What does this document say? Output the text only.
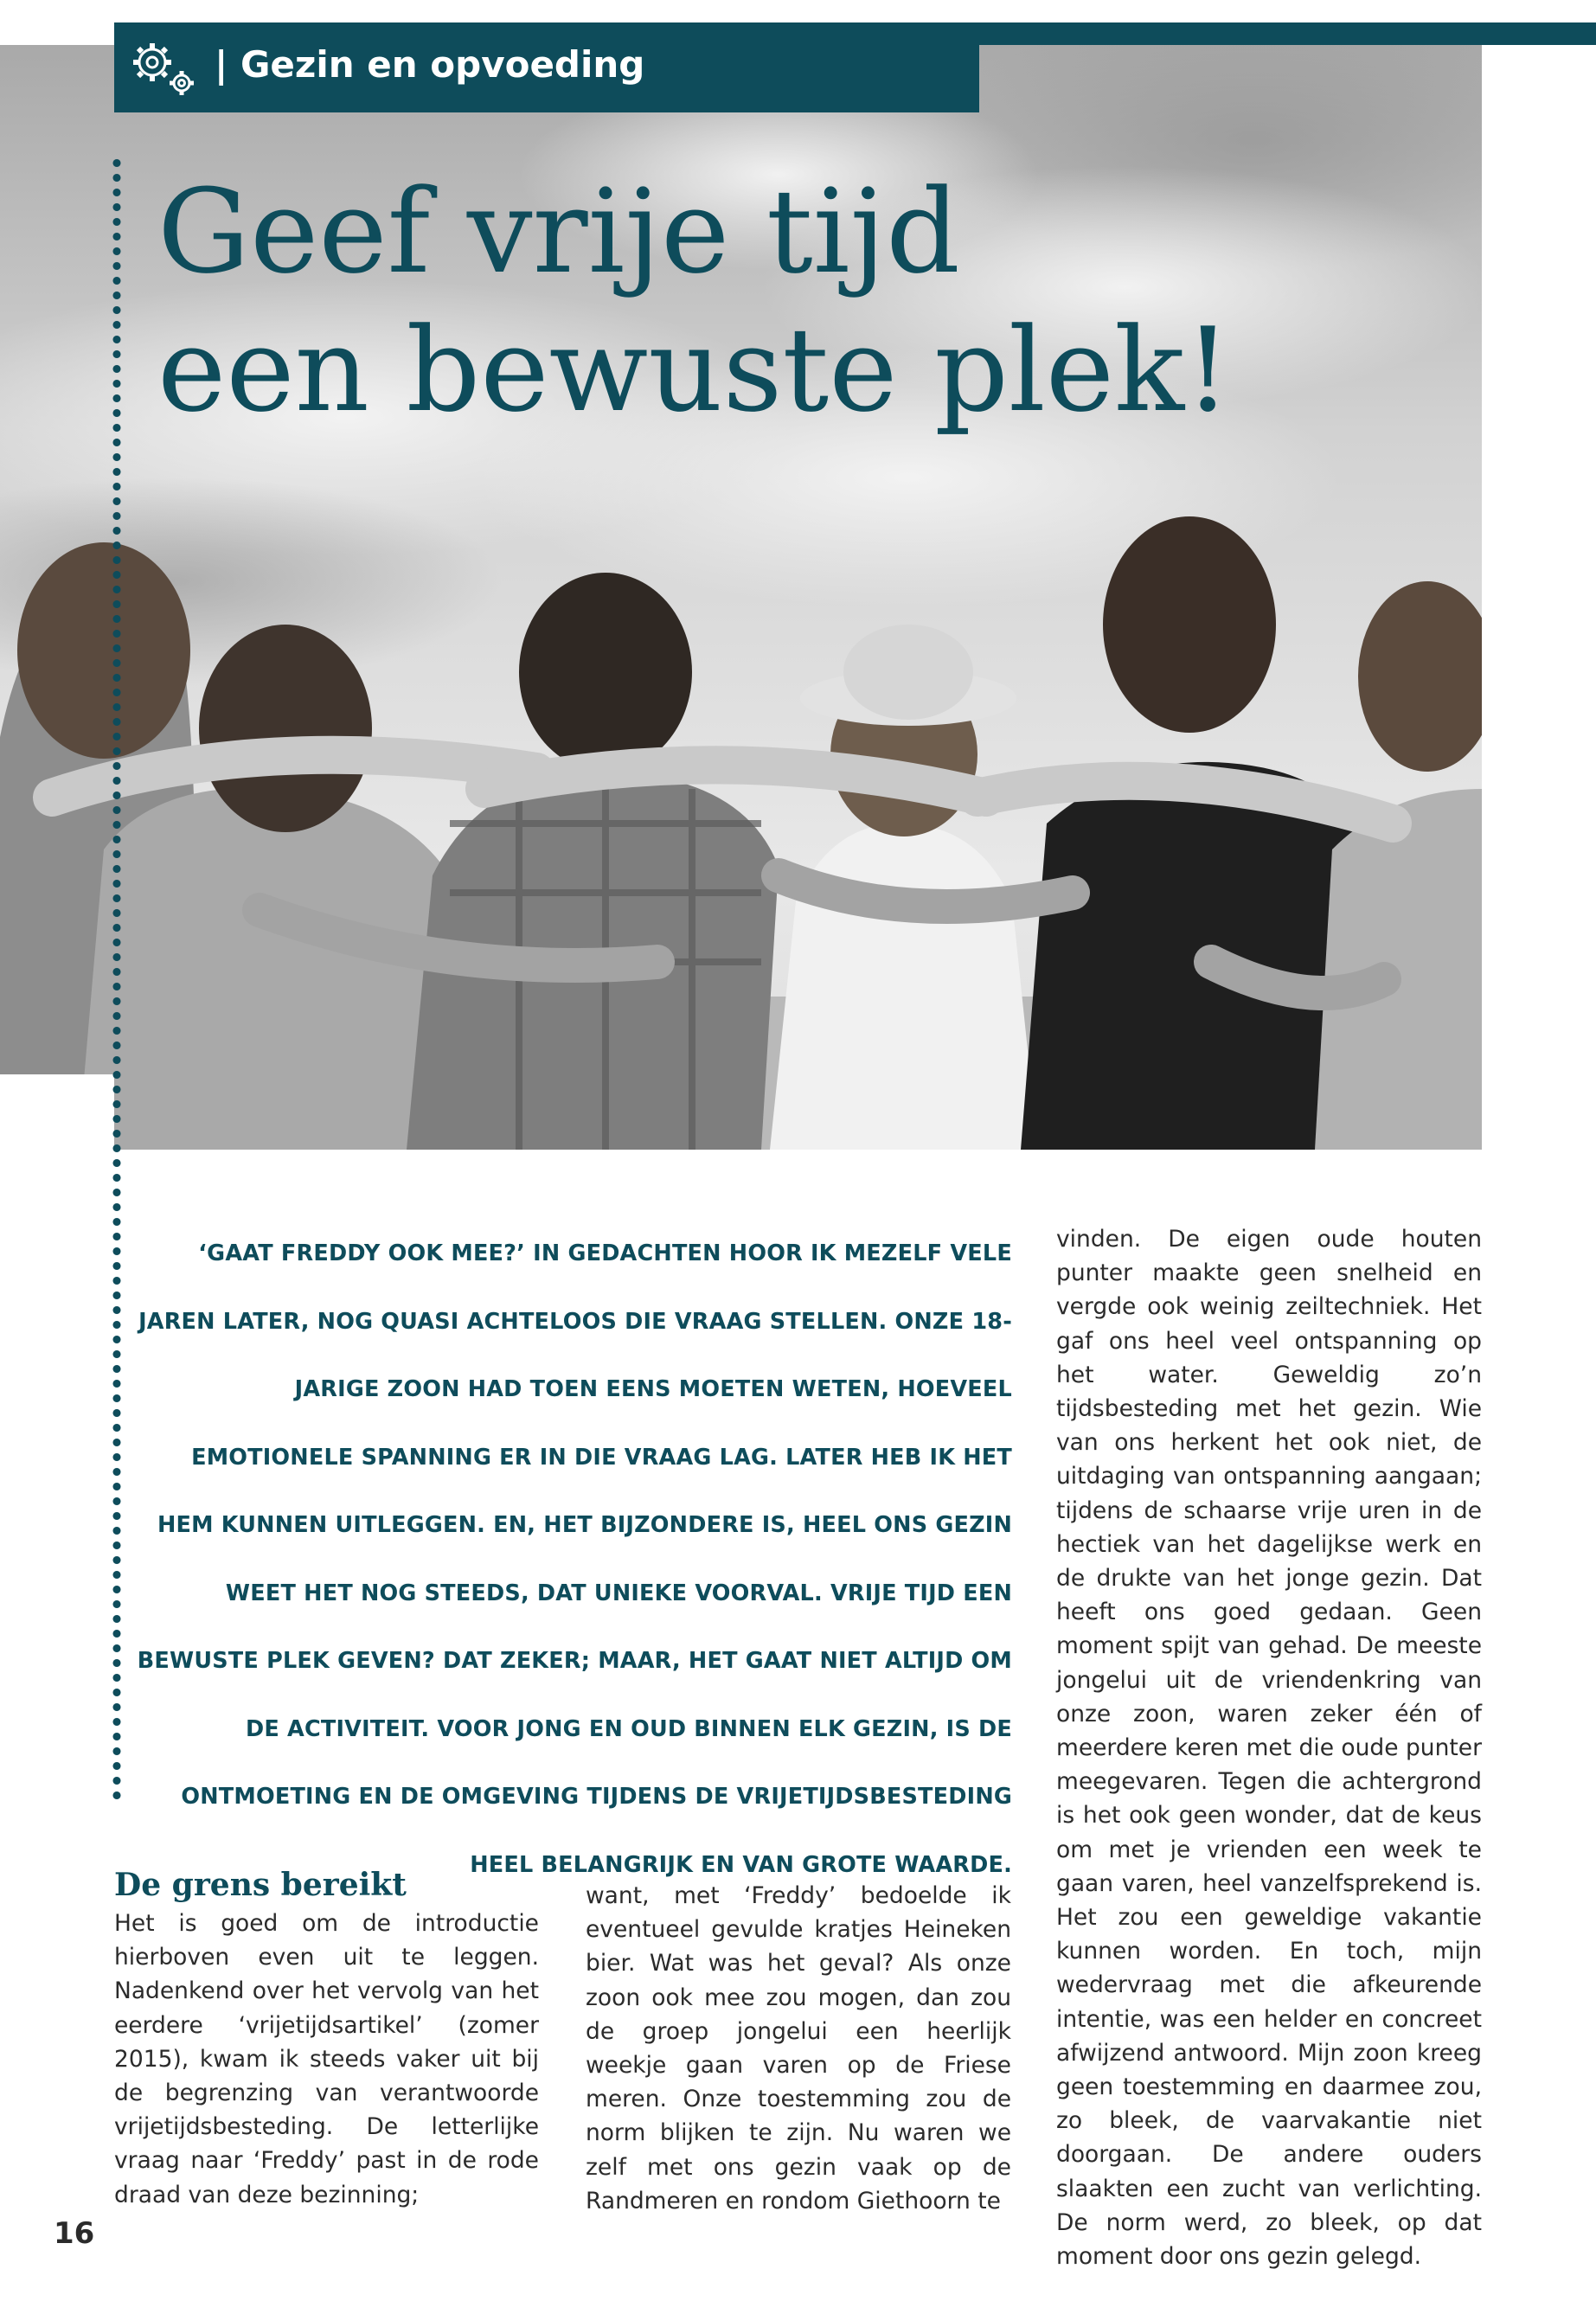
| Gezin en opvoeding
Geef vrije tijd
een bewuste plek!

‘GAAT FREDDY OOK MEE?’ IN GEDACHTEN HOOR IK MEZELF VELE JAREN LATER, NOG QUASI ACHTELOOS DIE VRAAG STELLEN. ONZE 18-JARIGE ZOON HAD TOEN EENS MOETEN WETEN, HOEVEEL EMOTIONELE SPANNING ER IN DIE VRAAG LAG. LATER HEB IK HET HEM KUNNEN UITLEGGEN. EN, HET BIJZONDERE IS, HEEL ONS GEZIN WEET HET NOG STEEDS, DAT UNIEKE VOORVAL. VRIJE TIJD EEN BEWUSTE PLEK GEVEN? DAT ZEKER; MAAR, HET GAAT NIET ALTIJD OM DE ACTIVITEIT. VOOR JONG EN OUD BINNEN ELK GEZIN, IS DE ONTMOETING EN DE OMGEVING TIJDENS DE VRIJETIJDSBESTEDING HEEL BELANGRIJK EN VAN GROTE WAARDE.

De grens bereikt

Het is goed om de introductie hierboven even uit te leggen. Nadenkend over het vervolg van het eerdere ‘vrijetijdsartikel’ (zomer 2015), kwam ik steeds vaker uit bij de begrenzing van verantwoorde vrijetijdsbesteding. De letterlijke vraag naar ‘Freddy’ past in de rode draad van deze bezinning;

want, met ‘Freddy’ bedoelde ik eventueel gevulde kratjes Heineken bier. Wat was het geval? Als onze zoon ook mee zou mogen, dan zou de groep jongelui een heerlijk weekje gaan varen op de Friese meren. Onze toestemming zou de norm blijken te zijn. Nu waren we zelf met ons gezin vaak op de Randmeren en rondom Giethoorn te

vinden. De eigen oude houten punter maakte geen snelheid en vergde ook weinig zeiltechniek. Het gaf ons heel veel ontspanning op het water. Geweldig zo’n tijdsbesteding met het gezin. Wie van ons herkent het ook niet, de uitdaging van ontspanning aangaan; tijdens de schaarse vrije uren in de hectiek van het dagelijkse werk en de drukte van het jonge gezin. Dat heeft ons goed gedaan. Geen moment spijt van gehad. De meeste jongelui uit de vriendenkring van onze zoon, waren zeker één of meerdere keren met die oude punter meegevaren. Tegen die achtergrond is het ook geen wonder, dat de keus om met je vrienden een week te gaan varen, heel vanzelfsprekend is. Het zou een geweldige vakantie kunnen worden. En toch, mijn wedervraag met die afkeurende intentie, was een helder en concreet afwijzend antwoord. Mijn zoon kreeg geen toestemming en daarmee zou, zo bleek, de vaarvakantie niet doorgaan. De andere ouders slaakten een zucht van verlichting. De norm werd, zo bleek, op dat moment door ons gezin gelegd.

16
